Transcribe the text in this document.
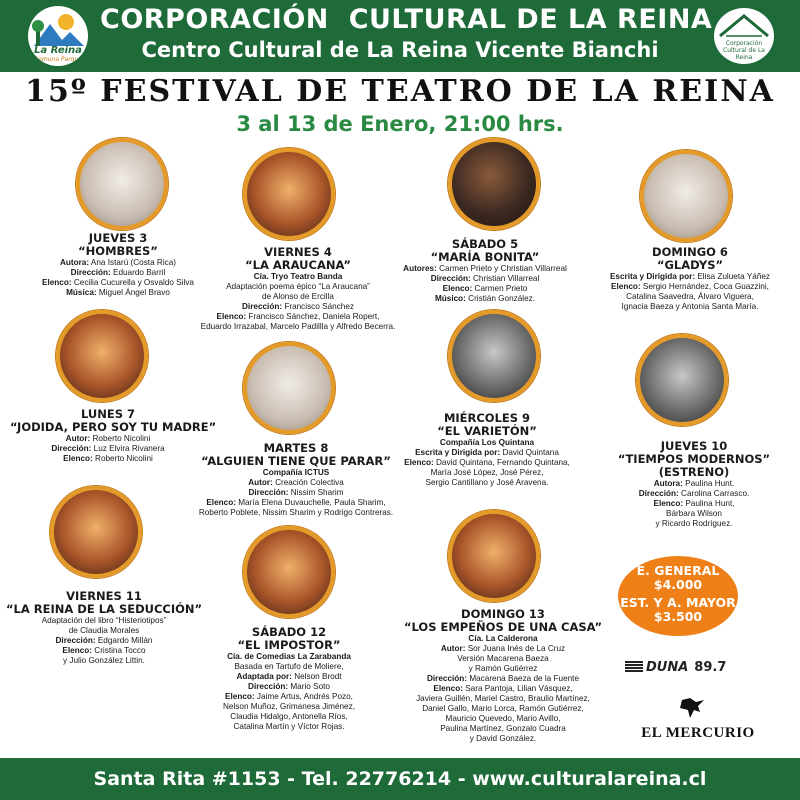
La Reina
Comuna Parque
CORPORACIÓN  CULTURAL DE LA REINA
Centro Cultural de La Reina Vicente Bianchi	Corporación Cultural de La Reina
15º FESTIVAL DE TEATRO DE LA REINA
3 al 13 de Enero, 21:00 hrs.
JUEVES 3
“HOMBRES”
Autora: Ana Istarú (Costa Rica)
Dirección: Eduardo Barril
Elenco: Cecilia Cucurella y Osvaldo Silva
Música: Miguel Ángel Bravo
VIERNES 4
“LA ARAUCANA”
Cía. Tryo Teatro Banda
Adaptación poema épico “La Araucana”
de Alonso de Ercilla
Dirección: Francisco Sánchez
Elenco: Francisco Sánchez, Daniela Ropert,
Eduardo Irrazabal, Marcelo Padillla y Alfredo Becerra.
SÁBADO 5
“MARÍA BONITA”
Autores: Carmen Prieto y Christian Villarreal
Dirección: Christian Villarreal
Elenco: Carmen Prieto
Músico: Cristián González.
DOMINGO 6
“GLADYS”
Escrita y Dirigida por: Elisa Zulueta Yáñez
Elenco: Sergio Hernández, Coca Guazzini,
Catalina Saavedra, Álvaro Viguera,
Ignacia Baeza y Antonia Santa María.
LUNES 7
“JODIDA, PERO SOY TU MADRE”
Autor: Roberto Nicolini
Dirección: Luz Elvira Rivanera
Elenco: Roberto Nicolini
MARTES 8
“ALGUIEN TIENE QUE PARAR”
Compañía ICTUS
Autor: Creación Colectiva
Dirección: Nissim Sharim
Elenco: María Elena Duvauchelle, Paula Sharim,
Roberto Poblete, Nissim Sharim y Rodrigo Contreras.
MIÉRCOLES 9
“EL VARIETÓN”
Compañía Los Quintana
Escrita y Dirigida por: David Quintana
Elenco: David Quintana, Fernando Quintana,
María José López, José Pérez,
Sergio Cantillano y José Aravena.
JUEVES 10
“TIEMPOS MODERNOS”
(ESTRENO)
Autora: Paulina Hunt.
Dirección: Carolina Carrasco.
Elenco: Paulina Hunt,
Bárbara Wilson
y Ricardo Rodríguez.
VIERNES 11
“LA REINA DE LA SEDUCCIÓN”
Adaptación del libro “Histeriotipos”
de Claudia Morales
Dirección: Edgardo Millán
Elenco: Cristina Tocco
y Julio González Littin.
SÁBADO 12
“EL IMPOSTOR”
Cía. de Comedias La Zarabanda
Basada en Tartufo de Moliere,
Adaptada por: Nelson Brodt
Dirección: Mario Soto
Elenco: Jaime Artus, Andrés Pozo,
Nelson Muñoz, Grimanesa Jiménez,
Claudia Hidalgo, Antonella Ríos,
Catalina Martín y Víctor Rojas.
DOMINGO 13
“LOS EMPEÑOS DE UNA CASA”
Cía. La Calderona
Autor: Sor Juana Inés de La Cruz
Versión Macarena Baeza
y Ramón Gutiérrez
Dirección: Macarena Baeza de la Fuente
Elenco: Sara Pantoja, Lilian Vásquez,
Javiera Guillén, Mariel Castro, Braulio Martínez,
Daniel Gallo, Mario Lorca, Ramón Gutiérrez,
Mauricio Quevedo, Mario Avillo,
Paulina Martínez, Gonzalo Cuadra
y David González.
E. GENERAL
$4.000
EST. Y A. MAYOR
$3.500
DUNA 89.7
EL MERCURIO
Santa Rita #1153 - Tel. 22776214 - www.culturalareina.cl
